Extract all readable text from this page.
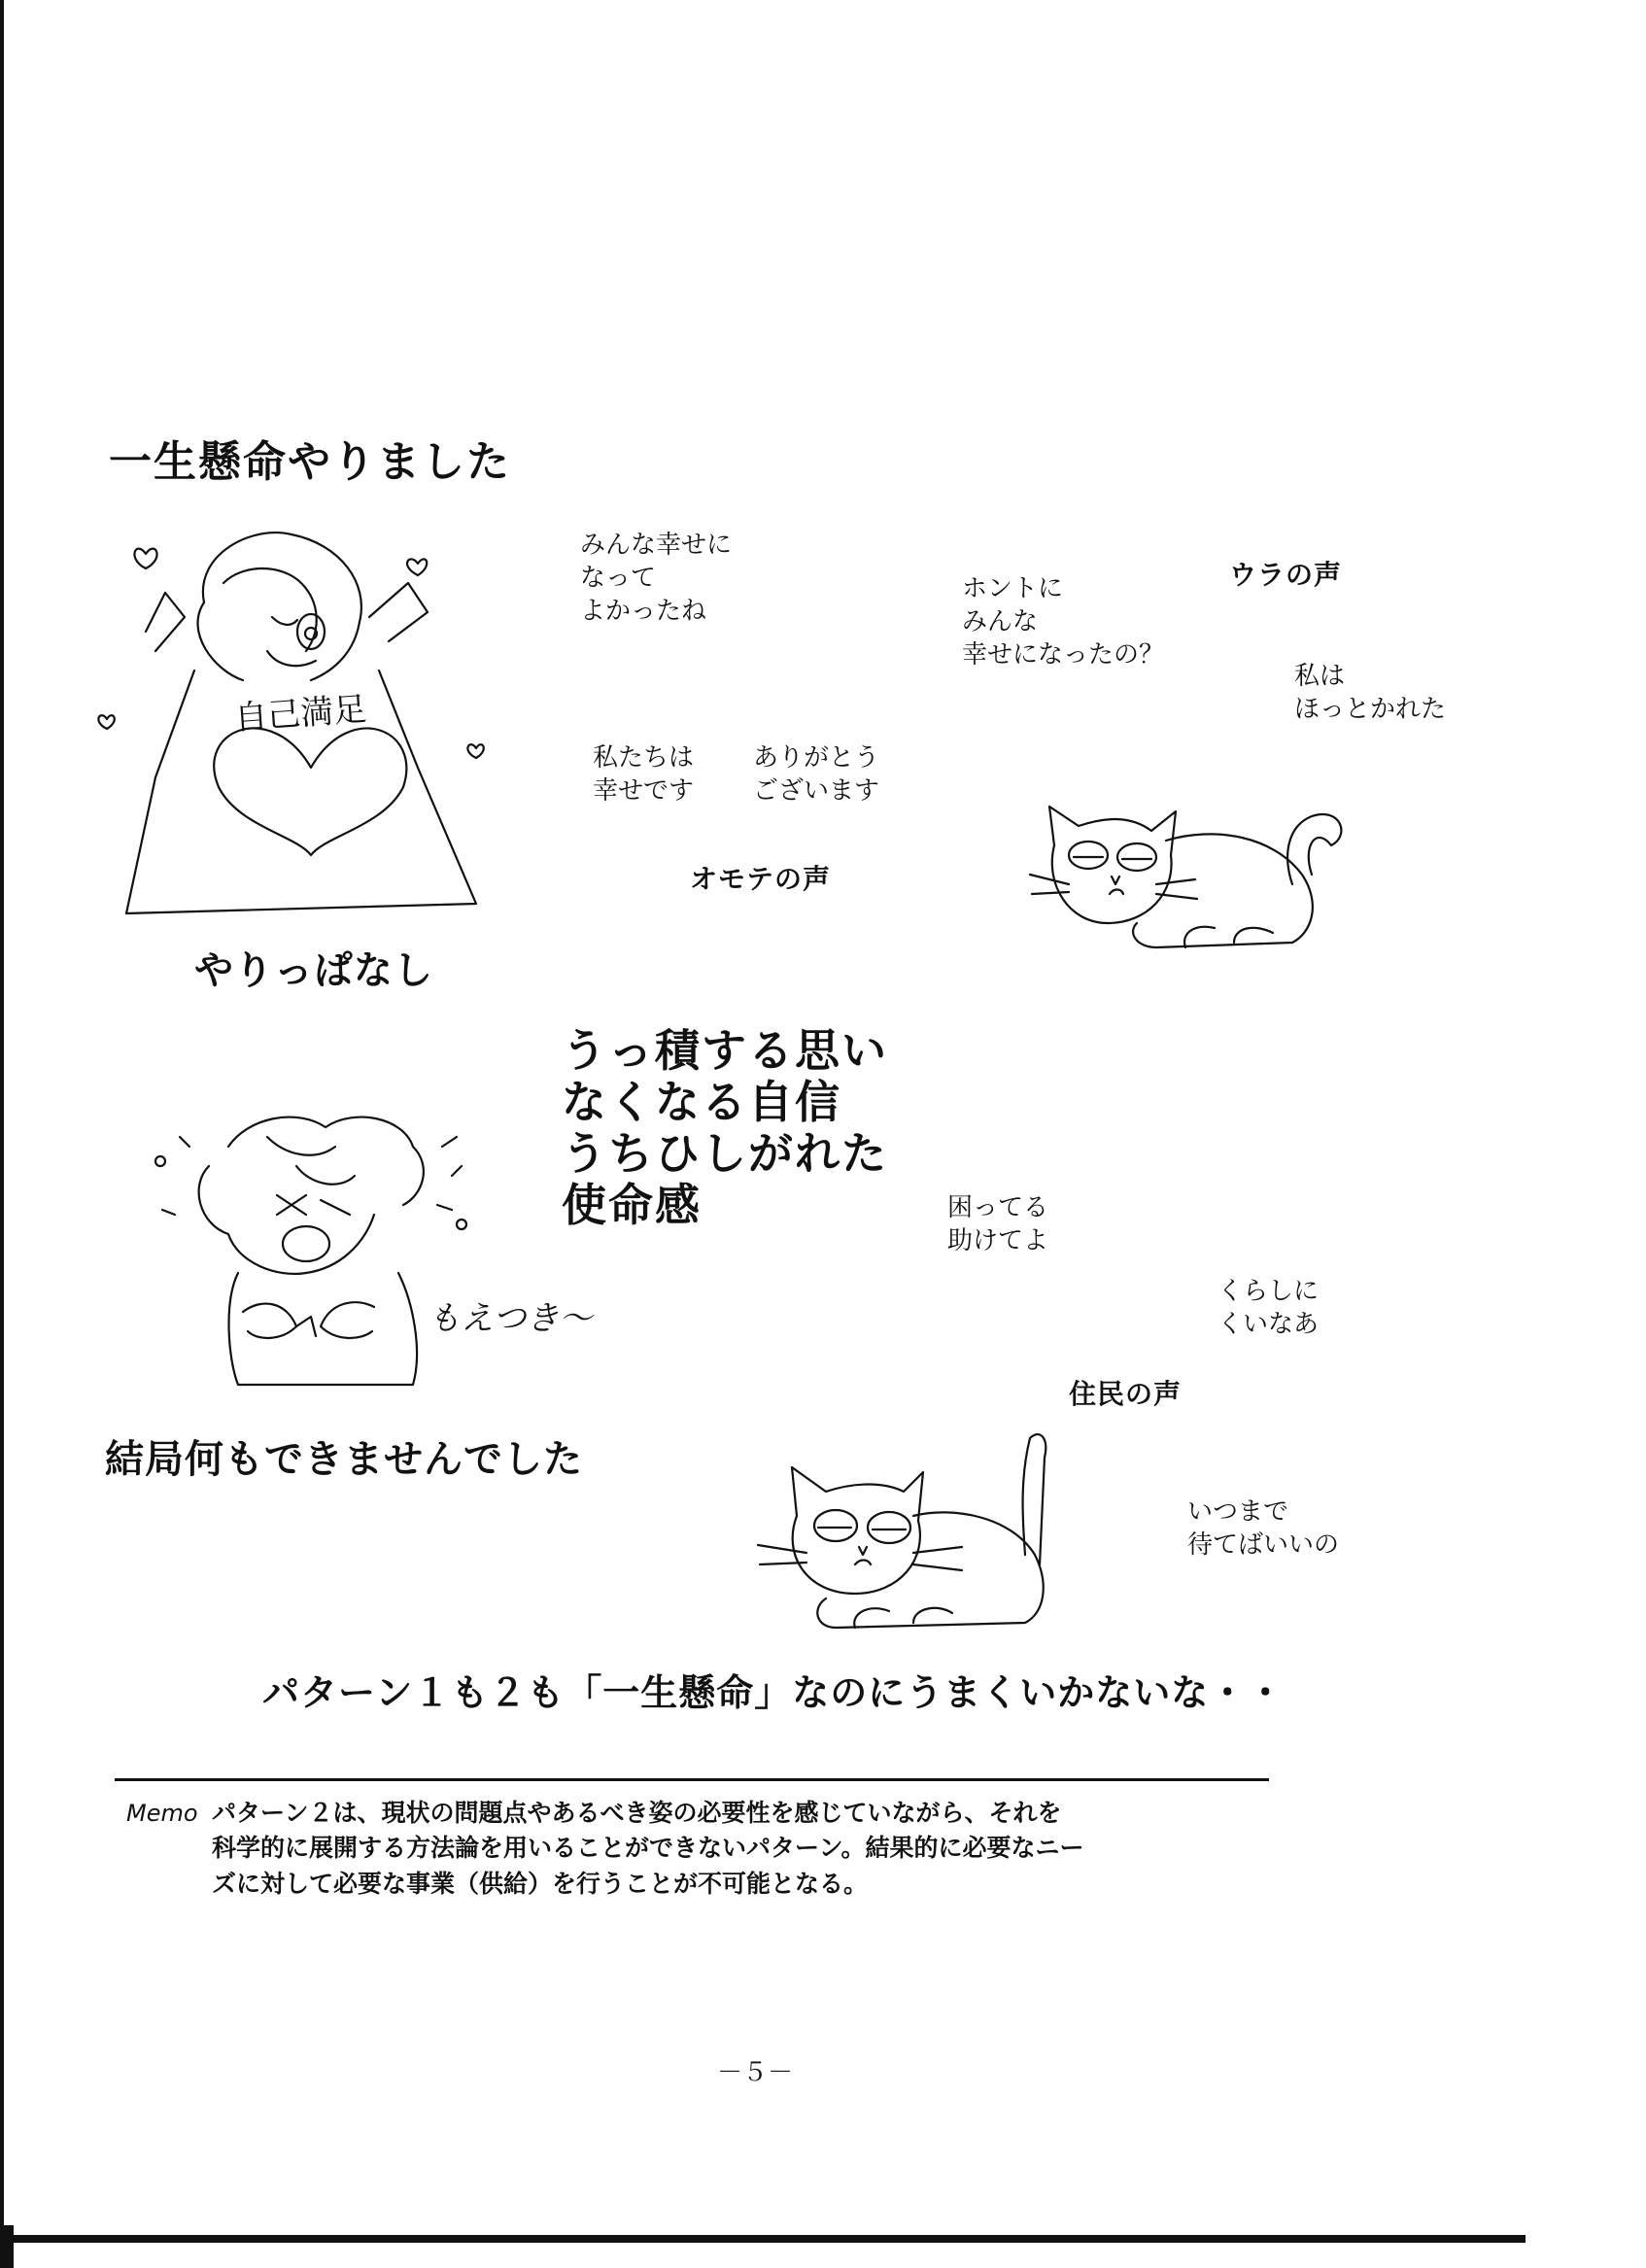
一生懸命やりました
自己満足
やりっぱなし
みんな幸せに
なって
よかったね
私たちは
幸せです
ありがとう
ございます
オモテの声
ホントに
みんな
幸せになったの？
ウラの声
私は
ほっとかれた
うっ積する思い
なくなる自信
うちひしがれた
使命感
もえつき～
困ってる
助けてよ
くらしに
くいなあ
住民の声
結局何もできませんでした
いつまで
待てばいいの
パターン１も２も「一生懸命」なのにうまくいかないな・・
Memo パターン２は、現状の問題点やあるべき姿の必要性を感じていながら、それを
科学的に展開する方法論を用いることができないパターン。結果的に必要なニー
ズに対して必要な事業（供給）を行うことが不可能となる。
－５－
